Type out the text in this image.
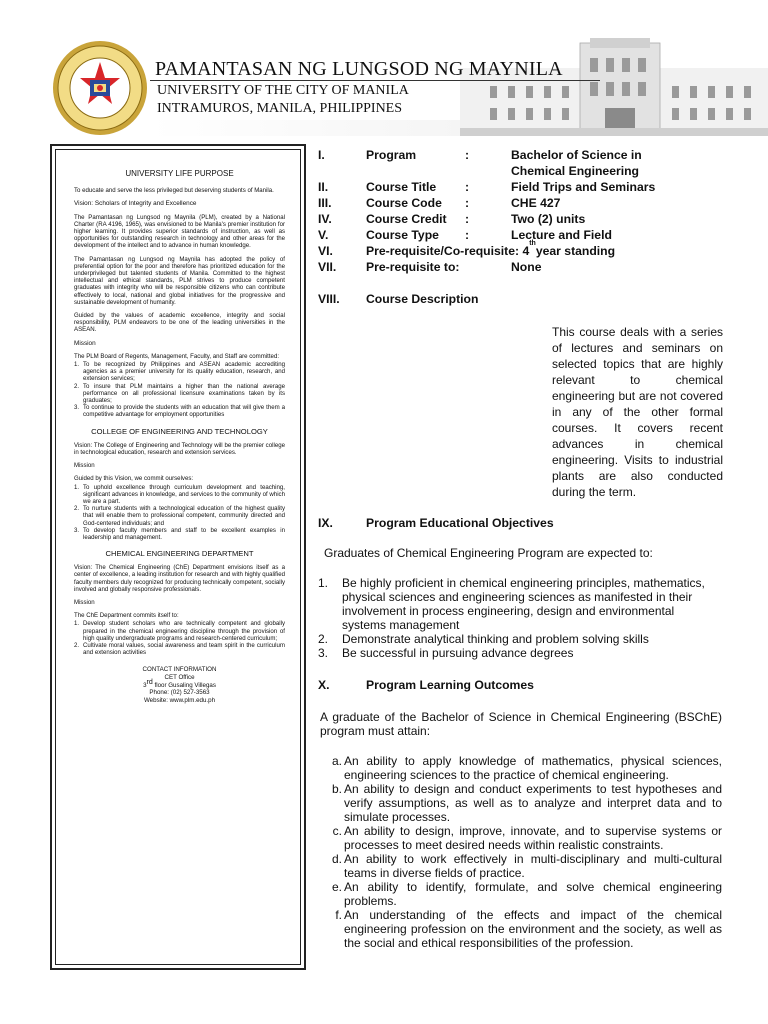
PAMANTASAN NG LUNGSOD NG MAYNILA
UNIVERSITY OF THE CITY OF MANILA
INTRAMUROS, MANILA, PHILIPPINES
UNIVERSITY LIFE PURPOSE

To educate and serve the less privileged but deserving students of Manila.

Vision: Scholars of Integrity and Excellence

The Pamantasan ng Lungsod ng Maynila (PLM), created by a National Charter (RA 4196, 1965), was envisioned to be Manila's premier institution for higher learning. It provides superior standards of instruction, as well as opportunities for outstanding research in technology and other areas for the development of the intellect and to advance in human knowledge.

The Pamantasan ng Lungsod ng Maynila has adopted the policy of preferential option for the poor and therefore has prioritized education for the underprivileged but talented students of Manila. Committed to the highest intellectual and ethical standards, PLM strives to produce competent graduates with integrity who will be responsible citizens who can contribute effectively to local, national and global initiatives for the progressive and sustainable development of humanity.

Guided by the values of academic excellence, integrity and social responsibility, PLM endeavors to be one of the leading universities in the ASEAN.

Mission

The PLM Board of Regents, Management, Faculty, and Staff are committed:

1. To be recognized by Philippines and ASEAN academic accrediting agencies as a premier university for its quality education, research, and extension services;
2. To insure that PLM maintains a higher than the national average performance on all professional licensure examinations taken by its graduates;
3. To continue to provide the students with an education that will give them a competitive advantage for employment opportunities
COLLEGE OF ENGINEERING AND TECHNOLOGY

Vision: The College of Engineering and Technology will be the premier college in technological education, research and extension services.

Mission

Guided by this Vision, we commit ourselves:

1. To uphold excellence through curriculum development and teaching, significant advances in knowledge, and services to the community of which we are a part.
2. To nurture students with a technological education of the highest quality that will enable them to professional competent, community directed and God-centered individuals; and
3. To develop faculty members and staff to be excellent examples in leadership and management.
CHEMICAL ENGINEERING DEPARTMENT

Vision: The Chemical Engineering (ChE) Department envisions itself as a center of excellence, a leading institution for research and with highly qualified faculty members duly recognized for producing technically competent, socially involved and globally responsive professionals.

Mission

The ChE Department commits itself to:

1. Develop student scholars who are technically competent and globally prepared in the chemical engineering discipline through the provision of high quality undergraduate programs and research-centered curriculum;
2. Cultivate moral values, social awareness and team spirit in the curriculum and extension activities
CONTACT INFORMATION
CET Office
3rd floor Gusaling Villegas
Phone: (02) 527-3563
Website: www.plm.edu.ph
I.	Program	:	Bachelor of Science in
Chemical Engineering
II.	Course Title	:	Field Trips and Seminars
III.	Course Code	:	CHE 427
IV.	Course Credit	:	Two (2) units
V.	Course Type	:	Lecture and Field
VI.	Pre-requisite/Co-requisite: 4
th
year standing
VII.	Pre-requisite to:	None
VIII.	Course Description
This course deals with a series of lectures and seminars on selected topics that are highly relevant to chemical engineering but are not covered in any of the other formal courses. It covers recent advances in chemical engineering. Visits to industrial plants are also conducted during the term.
IX.	Program Educational Objectives
Graduates of Chemical Engineering Program are expected to:
1.	Be highly proficient in chemical engineering principles, mathematics, physical sciences and engineering sciences as manifested in their involvement in process engineering, design and environmental systems management
2.	Demonstrate analytical thinking and problem solving skills
3.	Be successful in pursuing advance degrees
X.	Program Learning Outcomes
A graduate of the Bachelor of Science in Chemical Engineering (BSChE) program must attain:
a. An ability to apply knowledge of mathematics, physical sciences, engineering sciences to the practice of chemical engineering.
b. An ability to design and conduct experiments to test hypotheses and verify assumptions, as well as to analyze and interpret data and to simulate processes.
c. An ability to design, improve, innovate, and to supervise systems or processes to meet desired needs within realistic constraints.
d. An ability to work effectively in multi-disciplinary and multi-cultural teams in diverse fields of practice.
e. An ability to identify, formulate, and solve chemical engineering problems.
f. An understanding of the effects and impact of the chemical engineering profession on the environment and the society, as well as the social and ethical responsibilities of the profession.
